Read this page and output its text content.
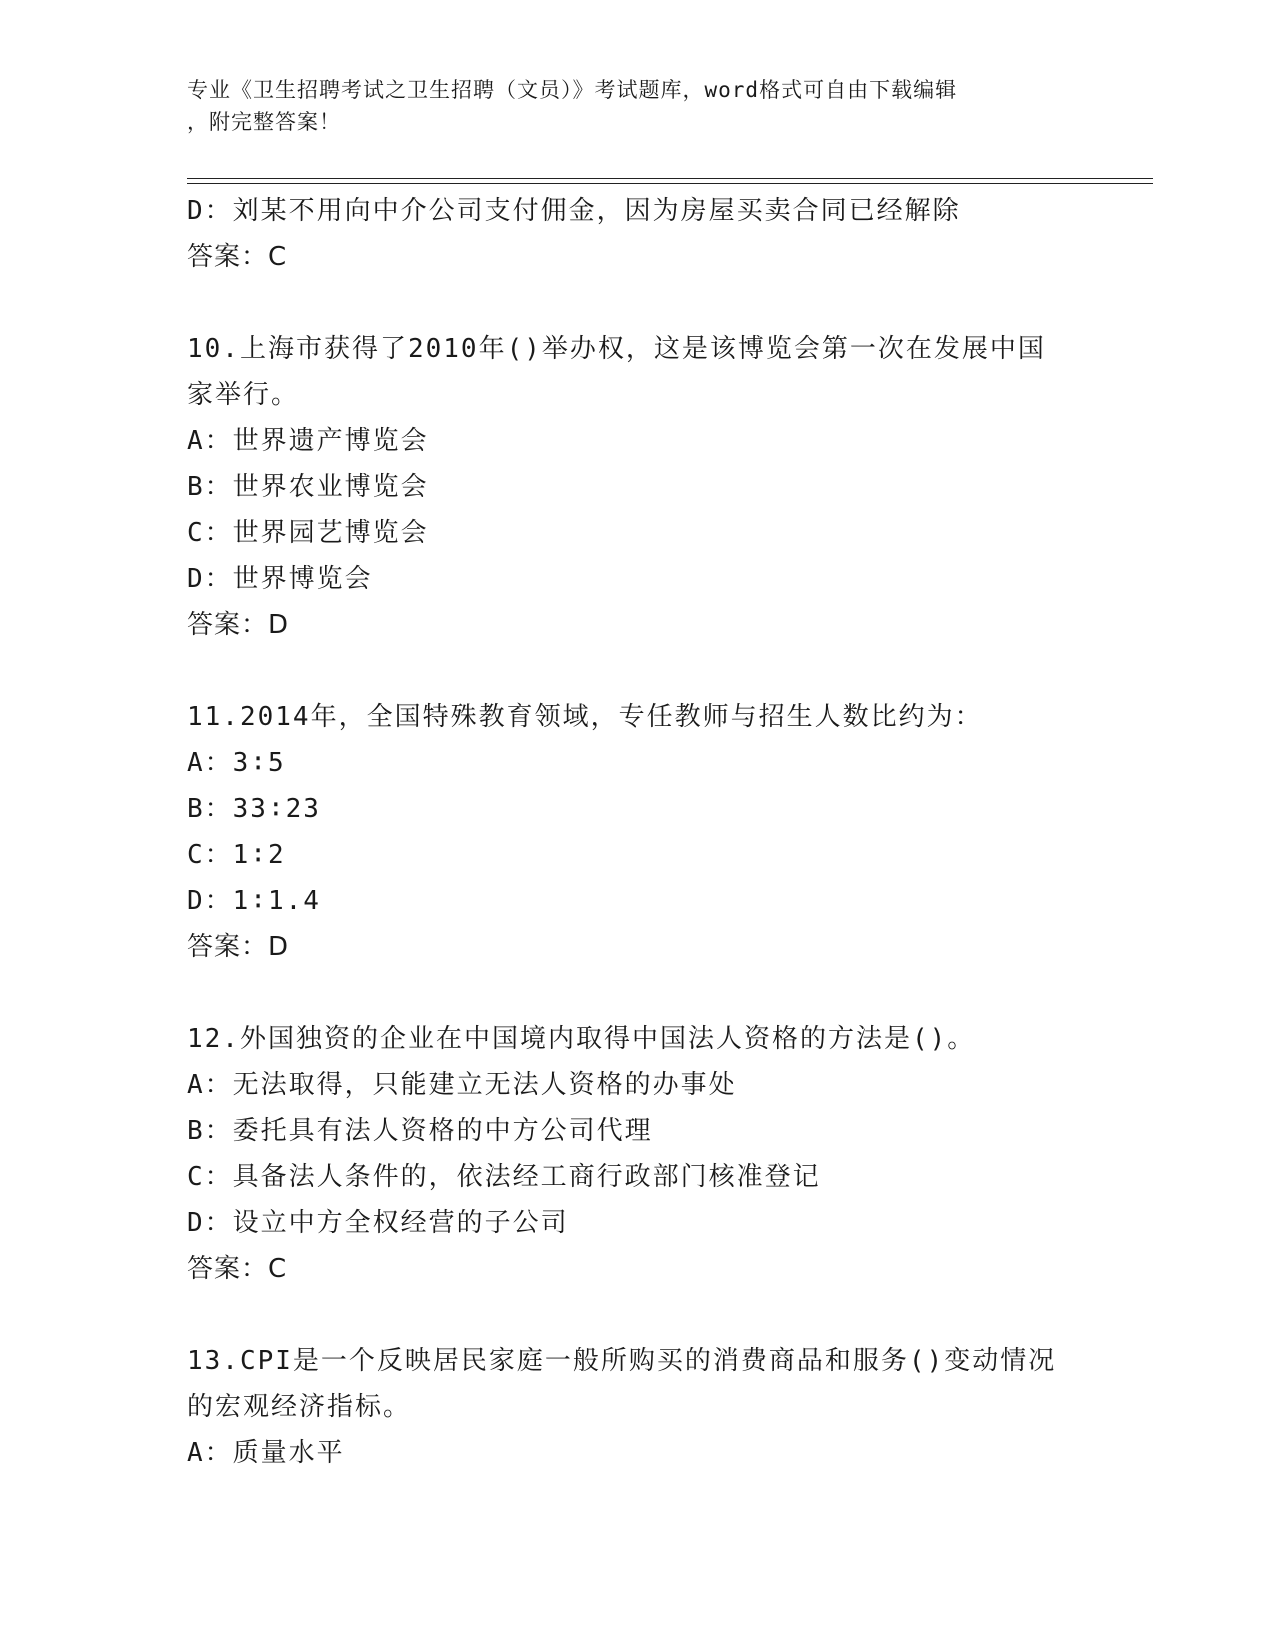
专业《卫生招聘考试之卫生招聘（文员）》考试题库，word格式可自由下载编辑
，附完整答案！
D：刘某不用向中介公司支付佣金，因为房屋买卖合同已经解除
答案：C
10.上海市获得了2010年()举办权，这是该博览会第一次在发展中国
家举行。
A：世界遗产博览会
B：世界农业博览会
C：世界园艺博览会
D：世界博览会
答案：D
11.2014年，全国特殊教育领域，专任教师与招生人数比约为：
A：3∶5
B：33∶23
C：1∶2
D：1∶1.4
答案：D
12.外国独资的企业在中国境内取得中国法人资格的方法是()。
A：无法取得，只能建立无法人资格的办事处
B：委托具有法人资格的中方公司代理
C：具备法人条件的，依法经工商行政部门核准登记
D：设立中方全权经营的子公司
答案：C
13.CPI是一个反映居民家庭一般所购买的消费商品和服务()变动情况
的宏观经济指标。
A：质量水平
